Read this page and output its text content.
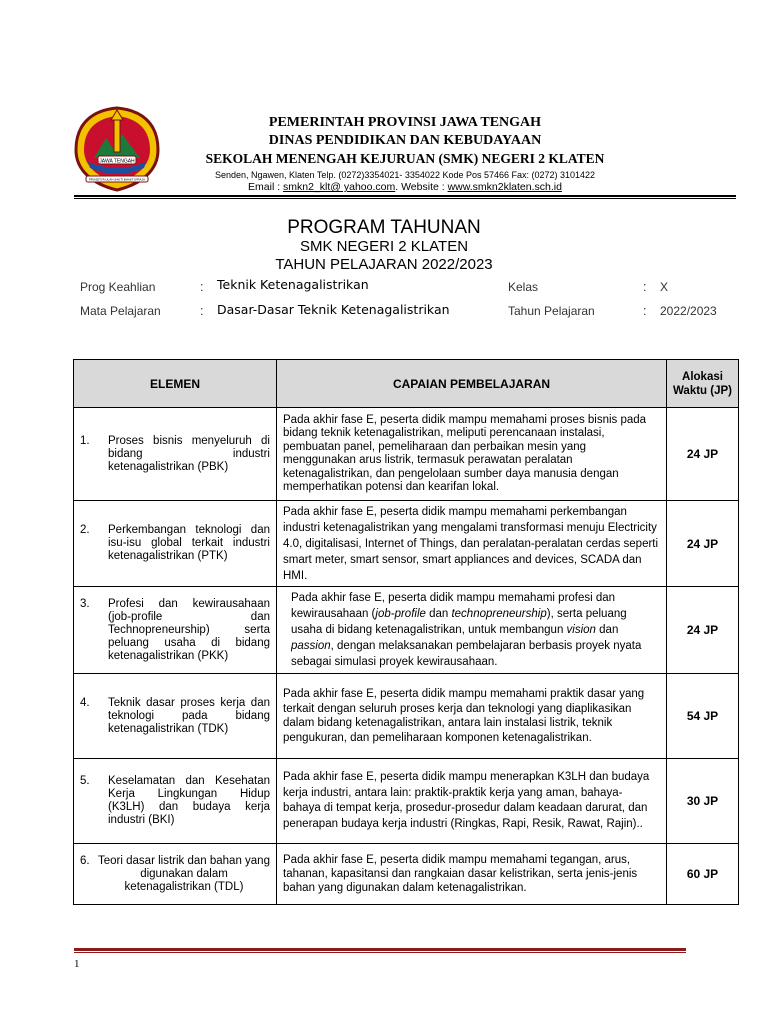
JAWA TENGAH
PRASETYA ULAH SAKTI BHAKTI PRAJA
PEMERINTAH PROVINSI JAWA TENGAH
DINAS PENDIDIKAN DAN KEBUDAYAAN
SEKOLAH MENENGAH KEJURUAN (SMK) NEGERI 2 KLATEN
Senden, Ngawen, Klaten Telp. (0272)3354021- 3354022 Kode Pos 57466 Fax: (0272) 3101422
Email : smkn2_klt@ yahoo.com. Website : www.smkn2klaten.sch.id
PROGRAM TAHUNAN
SMK NEGERI 2 KLATEN
TAHUN PELAJARAN 2022/2023
Prog Keahlian	: Teknik Ketenagalistrikan	Kelas	: X
Mata Pelajaran	: Dasar-Dasar Teknik Ketenagalistrikan	Tahun Pelajaran	: 2022/2023
ELEMEN	CAPAIAN PEMBELAJARAN	Alokasi Waktu (JP)

1. Proses bisnis menyeluruh di bidang industri ketenagalistrikan (PBK)	Pada akhir fase E, peserta didik mampu memahami proses bisnis pada bidang teknik ketenagalistrikan, meliputi perencanaan instalasi, pembuatan panel, pemeliharaan dan perbaikan mesin yang menggunakan arus listrik, termasuk perawatan peralatan ketenagalistrikan, dan pengelolaan sumber daya manusia dengan memperhatikan potensi dan kearifan lokal.	24 JP

2. Perkembangan teknologi dan isu-isu global terkait industri ketenagalistrikan (PTK)	Pada akhir fase E, peserta didik mampu memahami perkembangan industri ketenagalistrikan yang mengalami transformasi menuju Electricity 4.0, digitalisasi, Internet of Things, dan peralatan-peralatan cerdas seperti smart meter, smart sensor, smart appliances and devices, SCADA dan HMI.	24 JP

3. Profesi dan kewirausahaan (job-profile dan Technopreneurship) serta peluang usaha di bidang ketenagalistrikan (PKK)	Pada akhir fase E, peserta didik mampu memahami profesi dan kewirausahaan (job-profile dan technopreneurship), serta peluang usaha di bidang ketenagalistrikan, untuk membangun vision dan passion, dengan melaksanakan pembelajaran berbasis proyek nyata sebagai simulasi proyek kewirausahaan.	24 JP

4. Teknik dasar proses kerja dan teknologi pada bidang ketenagalistrikan (TDK)	Pada akhir fase E, peserta didik mampu memahami praktik dasar yang terkait dengan seluruh proses kerja dan teknologi yang diaplikasikan dalam bidang ketenagalistrikan, antara lain instalasi listrik, teknik pengukuran, dan pemeliharaan komponen ketenagalistrikan.	54 JP

5. Keselamatan dan Kesehatan Kerja Lingkungan Hidup (K3LH) dan budaya kerja industri (BKI)	Pada akhir fase E, peserta didik mampu menerapkan K3LH dan budaya kerja industri, antara lain: praktik-praktik kerja yang aman, bahaya-bahaya di tempat kerja, prosedur-prosedur dalam keadaan darurat, dan penerapan budaya kerja industri (Ringkas, Rapi, Resik, Rawat, Rajin)..	30 JP

6. Teori dasar listrik dan bahan yang digunakan dalam ketenagalistrikan (TDL)	Pada akhir fase E, peserta didik mampu memahami tegangan, arus, tahanan, kapasitansi dan rangkaian dasar kelistrikan, serta jenis-jenis bahan yang digunakan dalam ketenagalistrikan.	60 JP
1
